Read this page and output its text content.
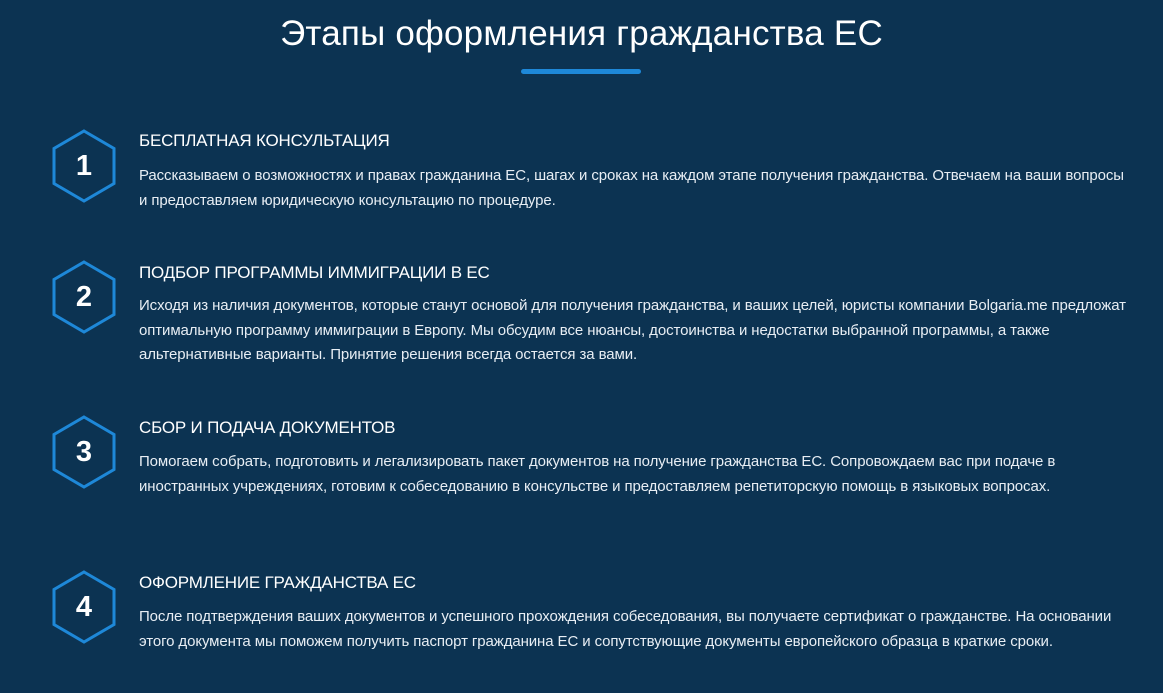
Этапы оформления гражданства ЕС
1
БЕСПЛАТНАЯ КОНСУЛЬТАЦИЯ

Рассказываем о возможностях и правах гражданина ЕС, шагах и сроках на каждом этапе получения гражданства. Отвечаем на ваши вопросы и предоставляем юридическую консультацию по процедуре.

2
ПОДБОР ПРОГРАММЫ ИММИГРАЦИИ В ЕС

Исходя из наличия документов, которые станут основой для получения гражданства, и ваших целей, юристы компании Bolgaria.me предложат оптимальную программу иммиграции в Европу. Мы обсудим все нюансы, достоинства и недостатки выбранной программы, а также альтернативные варианты. Принятие решения всегда остается за вами.

3
СБОР И ПОДАЧА ДОКУМЕНТОВ

Помогаем собрать, подготовить и легализировать пакет документов на получение гражданства ЕС. Сопровождаем вас при подаче в иностранных учреждениях, готовим к собеседованию в консульстве и предоставляем репетиторскую помощь в языковых вопросах.

4
ОФОРМЛЕНИЕ ГРАЖДАНСТВА ЕС

После подтверждения ваших документов и успешного прохождения собеседования, вы получаете сертификат о гражданстве. На основании этого документа мы поможем получить паспорт гражданина ЕС и сопутствующие документы европейского образца в краткие сроки.
